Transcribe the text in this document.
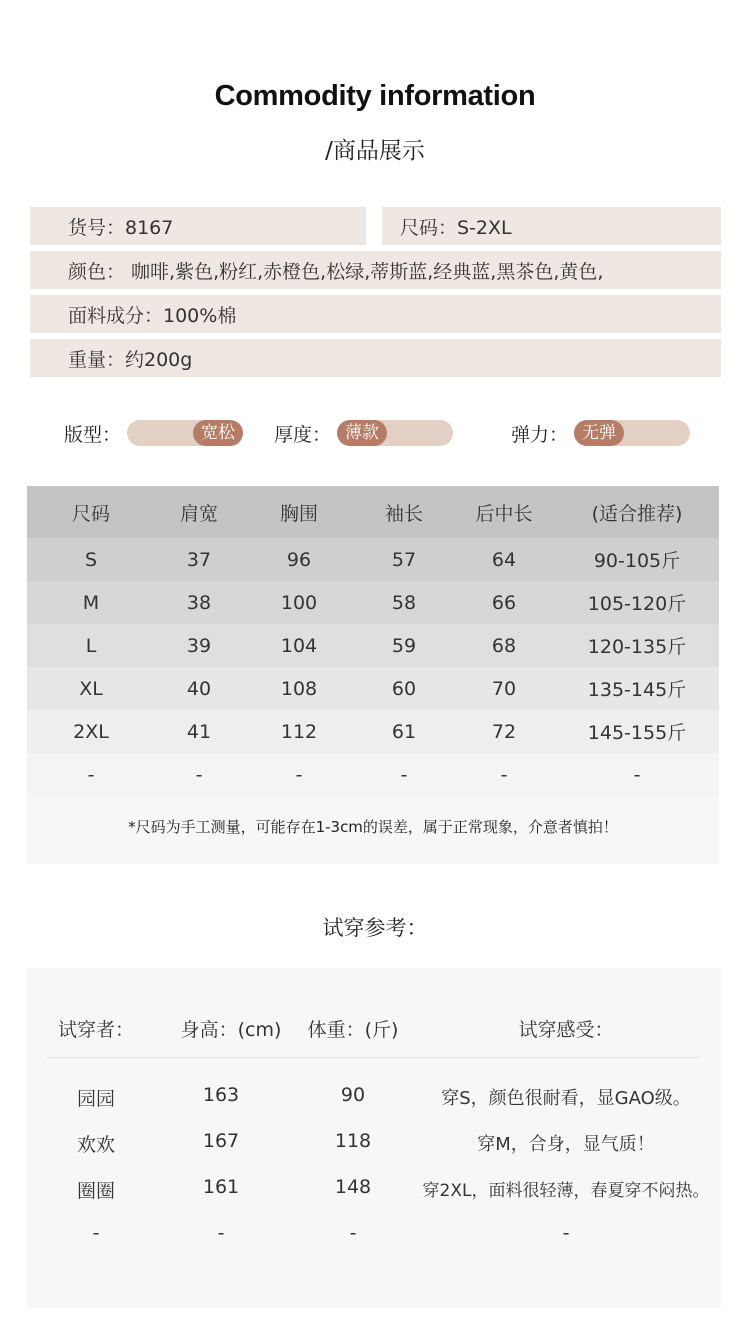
Commodity information
/商品展示
货号：8167	尺码：S-2XL
颜色： 咖啡,紫色,粉红,赤橙色,松绿,蒂斯蓝,经典蓝,黑茶色,黄色,
面料成分：100%棉
重量：约200g
版型：	宽松	厚度： 薄款	弹力： 无弹
尺码	肩宽	胸围	袖长	后中长	(适合推荐)
S	37	96	57	64	90-105斤
M	38	100	58	66	105-120斤
L	39	104	59	68	120-135斤
XL	40	108	60	70	135-145斤
2XL	41	112	61	72	145-155斤
-	-	-	-	-	-
*尺码为手工测量，可能存在1-3cm的误差，属于正常现象，介意者慎拍！
试穿参考：
试穿者：	身高：(cm)	体重：(斤)	试穿感受：
园园	163	90	穿S，颜色很耐看，显GAO级。
欢欢	167	118	穿M，合身，显气质！
圈圈	161	148	穿2XL，面料很轻薄，春夏穿不闷热。
-	-	-	-
